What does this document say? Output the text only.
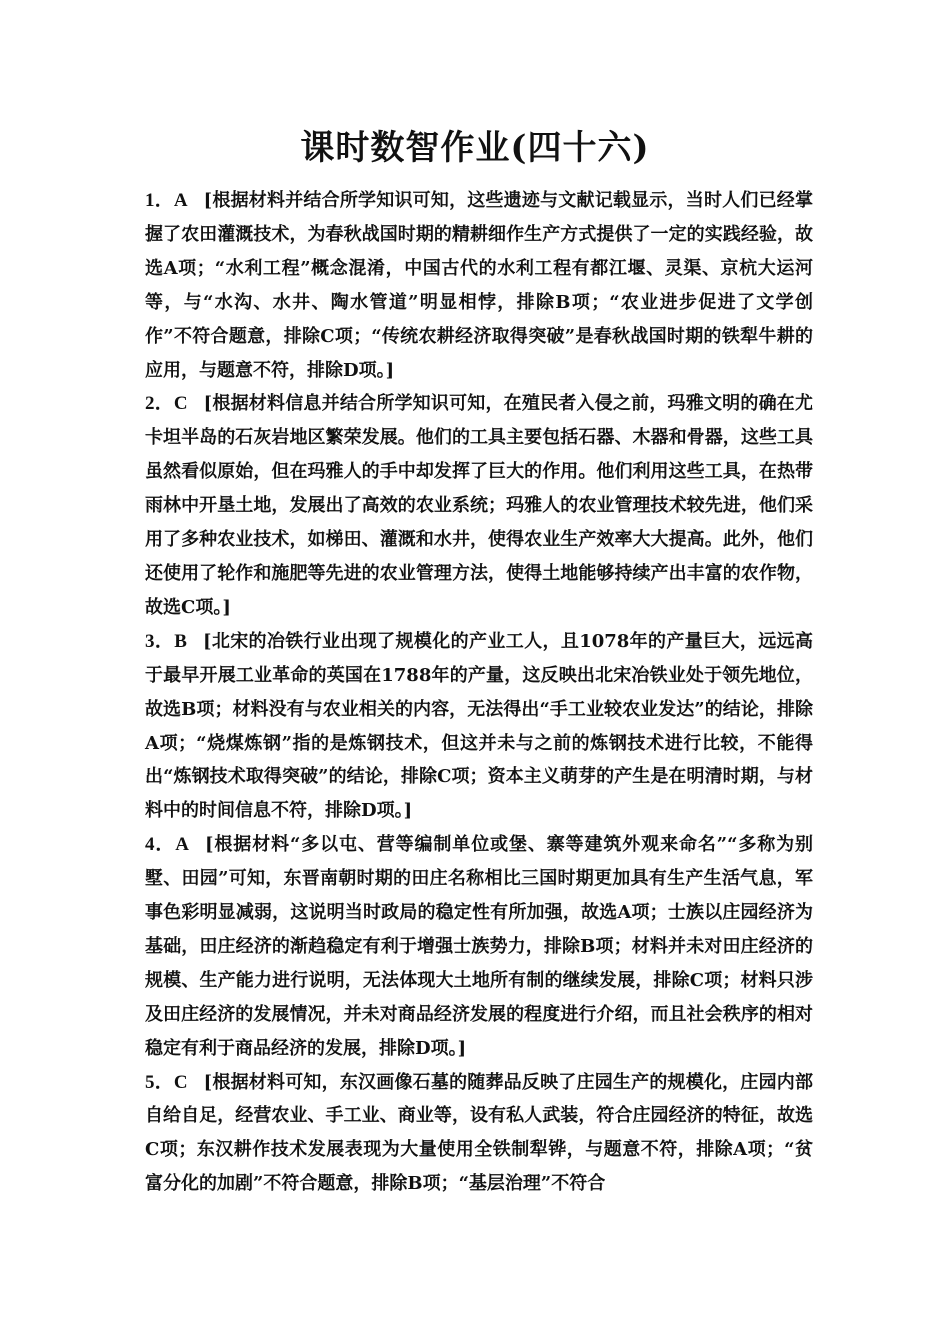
课时数智作业(四十六)

1．A [根据材料并结合所学知识可知，这些遗迹与文献记载显示，当时人们已经掌握了农田灌溉技术，为春秋战国时期的精耕细作生产方式提供了一定的实践经验，故选A项；“水利工程”概念混淆，中国古代的水利工程有都江堰、灵渠、京杭大运河等，与“水沟、水井、陶水管道”明显相悖，排除B项；“农业进步促进了文学创作”不符合题意，排除C项；“传统农耕经济取得突破”是春秋战国时期的铁犁牛耕的应用，与题意不符，排除D项。]

2．C [根据材料信息并结合所学知识可知，在殖民者入侵之前，玛雅文明的确在尤卡坦半岛的石灰岩地区繁荣发展。他们的工具主要包括石器、木器和骨器，这些工具虽然看似原始，但在玛雅人的手中却发挥了巨大的作用。他们利用这些工具，在热带雨林中开垦土地，发展出了高效的农业系统；玛雅人的农业管理技术较先进，他们采用了多种农业技术，如梯田、灌溉和水井，使得农业生产效率大大提高。此外，他们还使用了轮作和施肥等先进的农业管理方法，使得土地能够持续产出丰富的农作物，故选C项。]

3．B [北宋的冶铁行业出现了规模化的产业工人，且1078年的产量巨大，远远高于最早开展工业革命的英国在1788年的产量，这反映出北宋冶铁业处于领先地位，故选B项；材料没有与农业相关的内容，无法得出“手工业较农业发达”的结论，排除A项；“烧煤炼钢”指的是炼钢技术，但这并未与之前的炼钢技术进行比较，不能得出“炼钢技术取得突破”的结论，排除C项；资本主义萌芽的产生是在明清时期，与材料中的时间信息不符，排除D项。]

4．A [根据材料“多以屯、营等编制单位或堡、寨等建筑外观来命名”“多称为别墅、田园”可知，东晋南朝时期的田庄名称相比三国时期更加具有生产生活气息，军事色彩明显减弱，这说明当时政局的稳定性有所加强，故选A项；士族以庄园经济为基础，田庄经济的渐趋稳定有利于增强士族势力，排除B项；材料并未对田庄经济的规模、生产能力进行说明，无法体现大土地所有制的继续发展，排除C项；材料只涉及田庄经济的发展情况，并未对商品经济发展的程度进行介绍，而且社会秩序的相对稳定有利于商品经济的发展，排除D项。]

5．C [根据材料可知，东汉画像石墓的随葬品反映了庄园生产的规模化，庄园内部自给自足，经营农业、手工业、商业等，设有私人武装，符合庄园经济的特征，故选C项；东汉耕作技术发展表现为大量使用全铁制犁铧，与题意不符，排除A项；“贫富分化的加剧”不符合题意，排除B项；“基层治理”不符合
